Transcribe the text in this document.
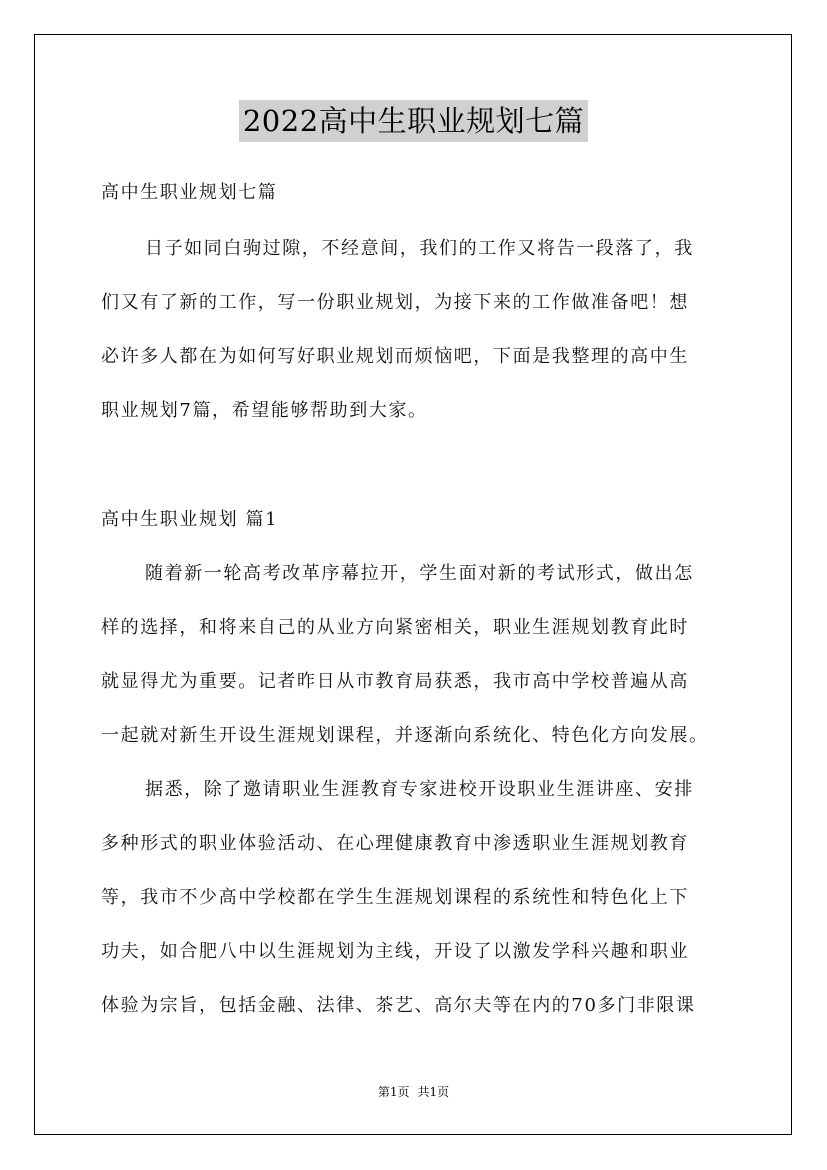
2022高中生职业规划七篇
高中生职业规划七篇
日子如同白驹过隙，不经意间，我们的工作又将告一段落了，我
们又有了新的工作，写一份职业规划，为接下来的工作做准备吧！想
必许多人都在为如何写好职业规划而烦恼吧，下面是我整理的高中生
职业规划7篇，希望能够帮助到大家。
高中生职业规划 篇1
随着新一轮高考改革序幕拉开，学生面对新的考试形式，做出怎
样的选择，和将来自己的从业方向紧密相关，职业生涯规划教育此时
就显得尤为重要。记者昨日从市教育局获悉，我市高中学校普遍从高
一起就对新生开设生涯规划课程，并逐渐向系统化、特色化方向发展。
据悉，除了邀请职业生涯教育专家进校开设职业生涯讲座、安排
多种形式的职业体验活动、在心理健康教育中渗透职业生涯规划教育
等，我市不少高中学校都在学生生涯规划课程的系统性和特色化上下
功夫，如合肥八中以生涯规划为主线，开设了以激发学科兴趣和职业
体验为宗旨，包括金融、法律、茶艺、高尔夫等在内的70多门非限课
第1页 共1页
